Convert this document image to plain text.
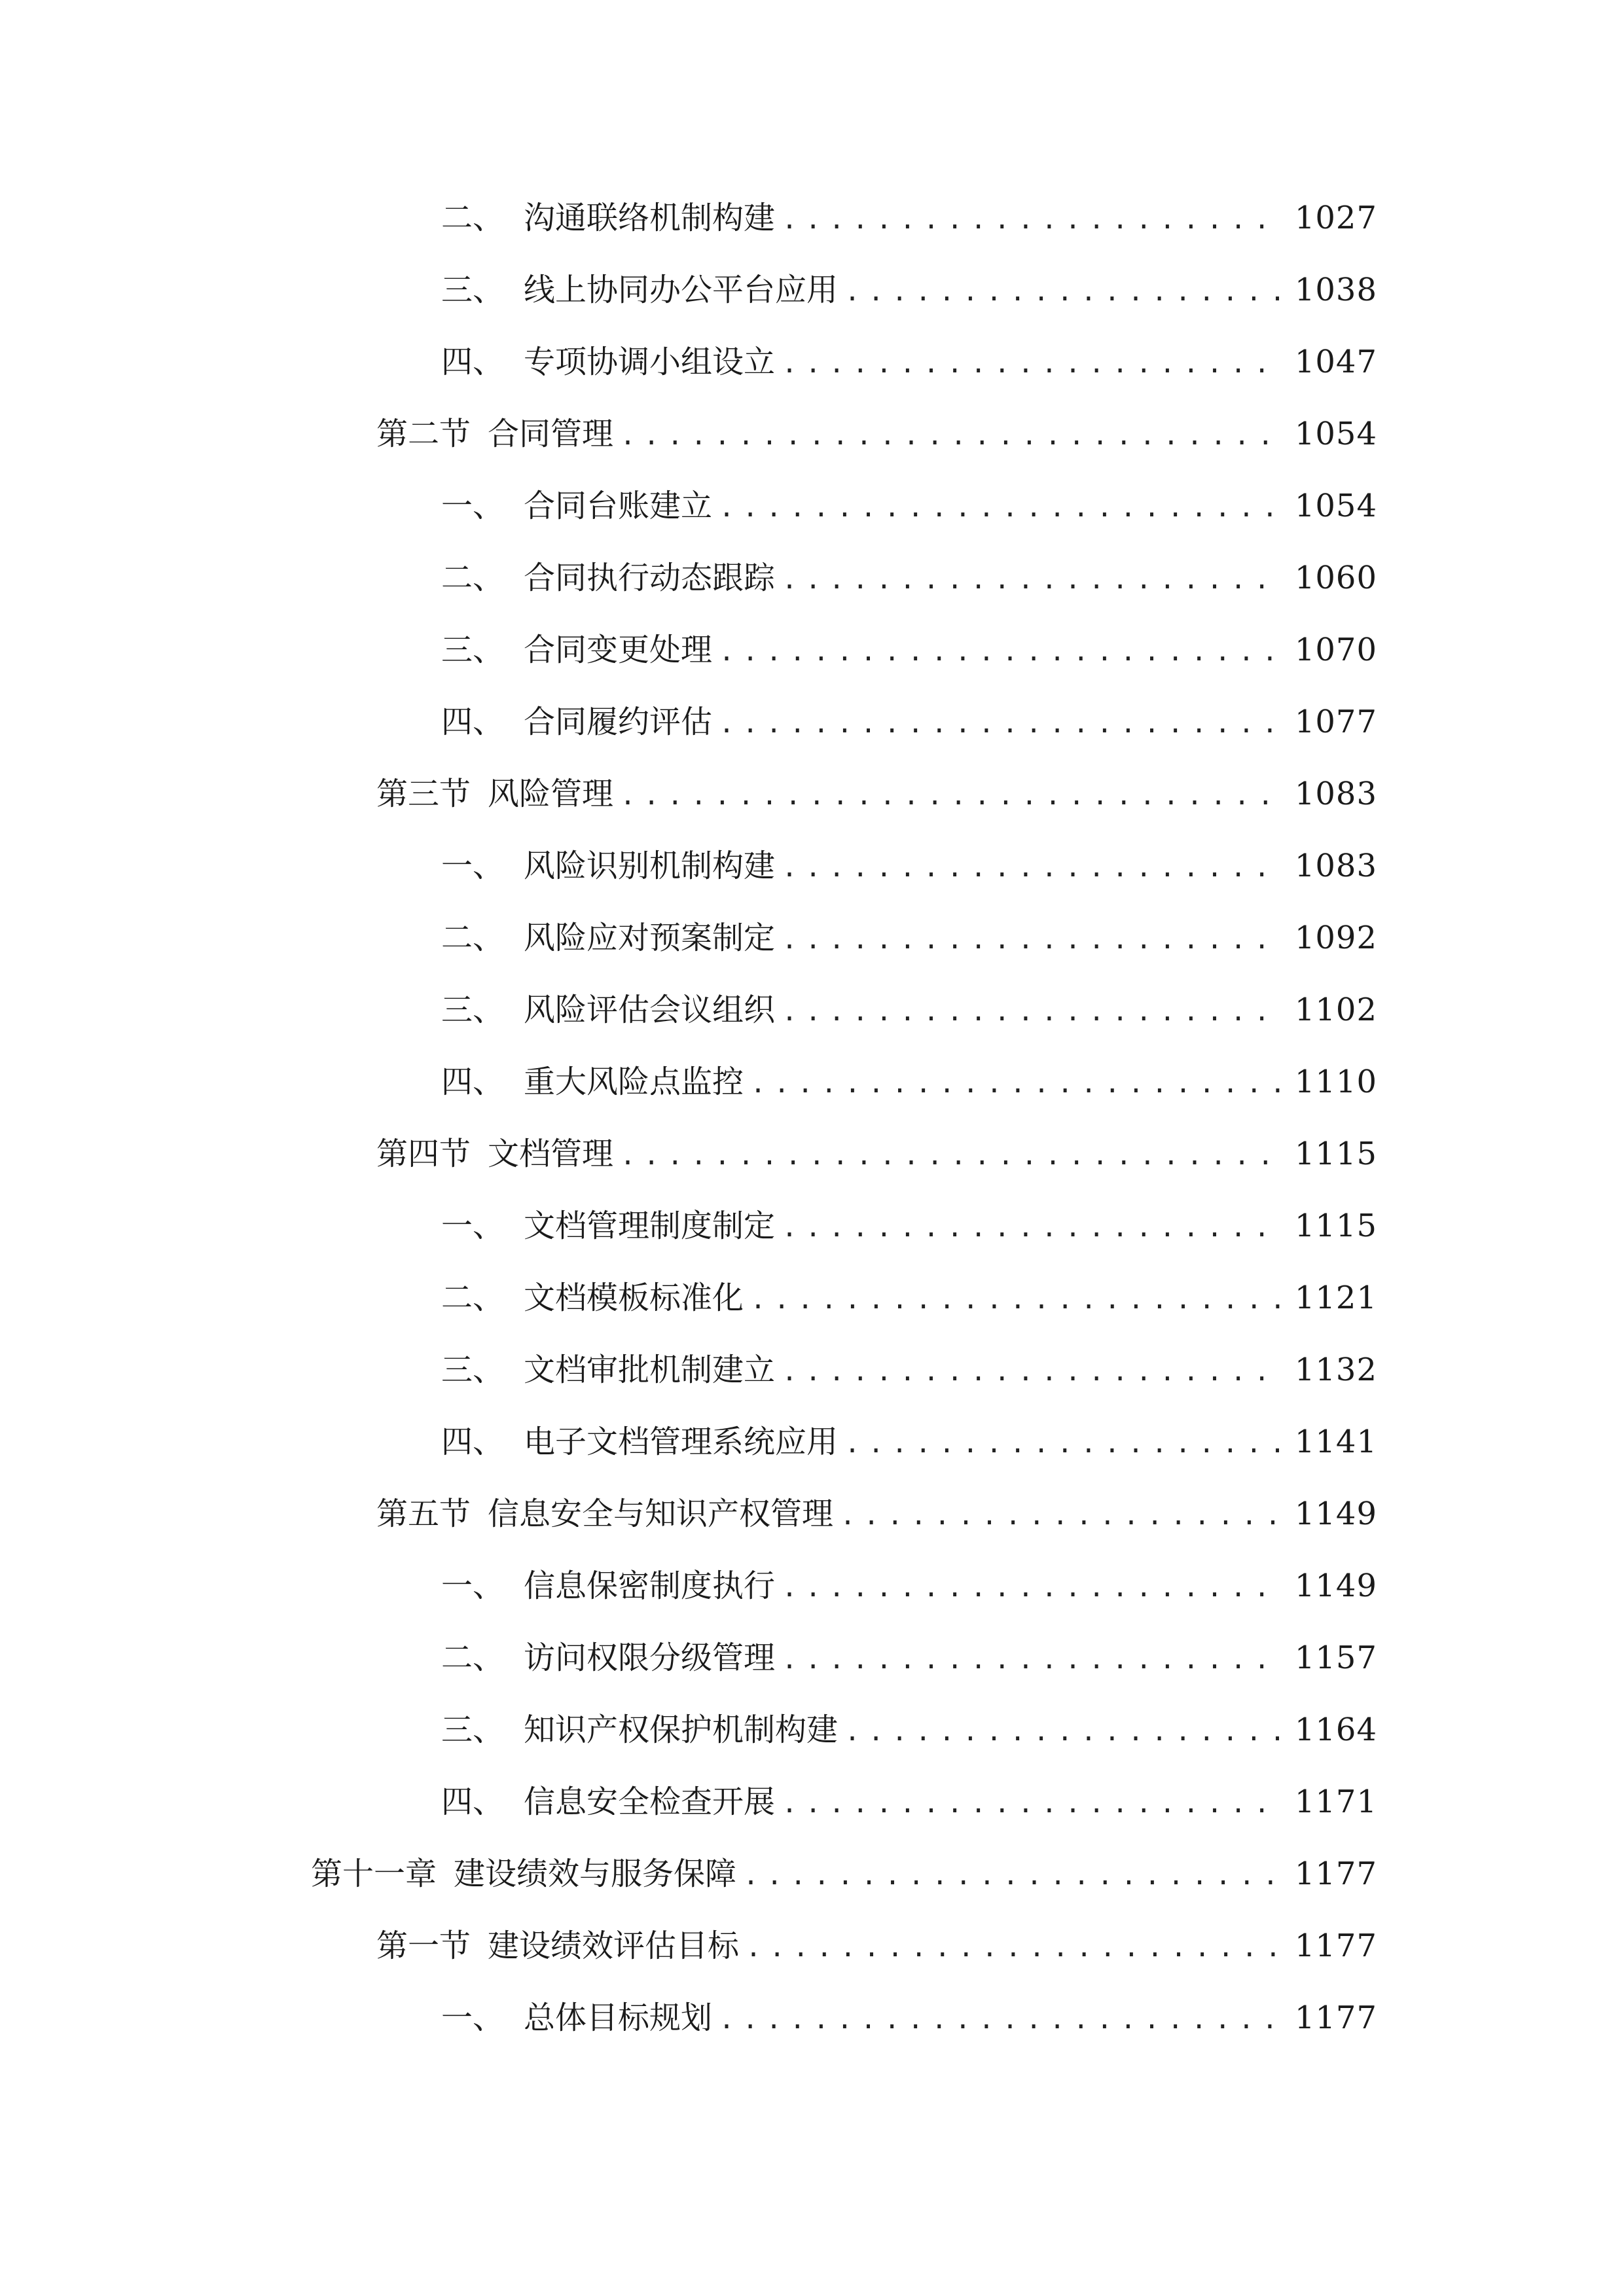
二、 沟通联络机制构建 .....	1027
三、 线上协同办公平台应用 .....	1038
四、 专项协调小组设立 .....	1047
第二节 合同管理 .....	1054
一、 合同台账建立 .....	1054
二、 合同执行动态跟踪 .....	1060
三、 合同变更处理 .....	1070
四、 合同履约评估 .....	1077
第三节 风险管理 .....	1083
一、 风险识别机制构建 .....	1083
二、 风险应对预案制定 .....	1092
三、 风险评估会议组织 .....	1102
四、 重大风险点监控 .....	1110
第四节 文档管理 .....	1115
一、 文档管理制度制定 .....	1115
二、 文档模板标准化 .....	1121
三、 文档审批机制建立 .....	1132
四、 电子文档管理系统应用 .....	1141
第五节 信息安全与知识产权管理 .....	1149
一、 信息保密制度执行 .....	1149
二、 访问权限分级管理 .....	1157
三、 知识产权保护机制构建 .....	1164
四、 信息安全检查开展 .....	1171
第十一章 建设绩效与服务保障 .....	1177
第一节 建设绩效评估目标 .....	1177
一、 总体目标规划 .....	1177
